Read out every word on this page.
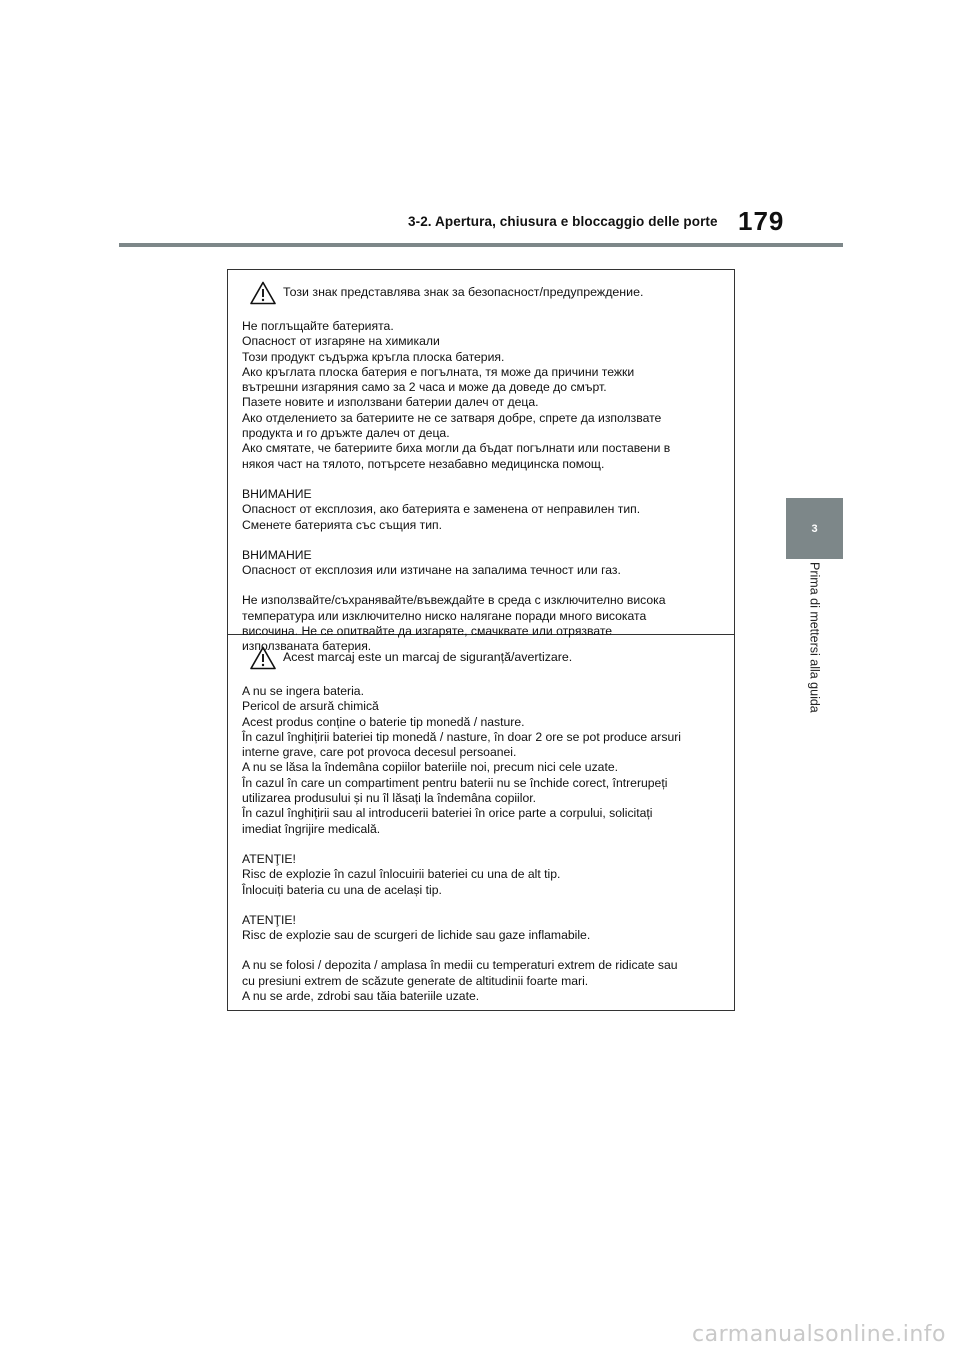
3-2. Apertura, chiusura e bloccaggio delle porte 179
3
Prima di mettersi alla guida
Този знак представлява знак за безопасност/предупреждение.

Не поглъщайте батерията.
Опасност от изгаряне на химикали
Този продукт съдържа кръгла плоска батерия.
Ако кръглата плоска батерия е погълната, тя може да причини тежки
вътрешни изгаряния само за 2 часа и може да доведе до смърт.
Пазете новите и използвани батерии далеч от деца.
Ако отделението за батериите не се затваря добре, спрете да използвате
продукта и го дръжте далеч от деца.
Ако смятате, че батериите биха могли да бъдат погълнати или поставени в
някоя част на тялото, потърсете незабавно медицинска помощ.

ВНИМАНИЕ
Опасност от експлозия, ако батерията е заменена от неправилен тип.
Сменете батерията със същия тип.

ВНИМАНИЕ
Опасност от експлозия или изтичане на запалима течност или газ.

Не използвайте/съхранявайте/въвеждайте в среда с изключително висока
температура или изключително ниско налягане поради много високата
височина. Не се опитвайте да изгаряте, смачквате или отрязвате
използваната батерия.

Acest marcaj este un marcaj de siguranță/avertizare.

A nu se ingera bateria.
Pericol de arsură chimică
Acest produs conține o baterie tip monedă / nasture.
În cazul înghițirii bateriei tip monedă / nasture, în doar 2 ore se pot produce arsuri
interne grave, care pot provoca decesul persoanei.
A nu se lăsa la îndemâna copiilor bateriile noi, precum nici cele uzate.
În cazul în care un compartiment pentru baterii nu se închide corect, întrerupeți
utilizarea produsului și nu îl lăsați la îndemâna copiilor.
În cazul înghițirii sau al introducerii bateriei în orice parte a corpului, solicitați
imediat îngrijire medicală.

ATENŢIE!
Risc de explozie în cazul înlocuirii bateriei cu una de alt tip.
Înlocuiți bateria cu una de același tip.

ATENŢIE!
Risc de explozie sau de scurgeri de lichide sau gaze inflamabile.

A nu se folosi / depozita / amplasa în medii cu temperaturi extrem de ridicate sau
cu presiuni extrem de scăzute generate de altitudinii foarte mari.
A nu se arde, zdrobi sau tăia bateriile uzate.

carmanualsonline.info
